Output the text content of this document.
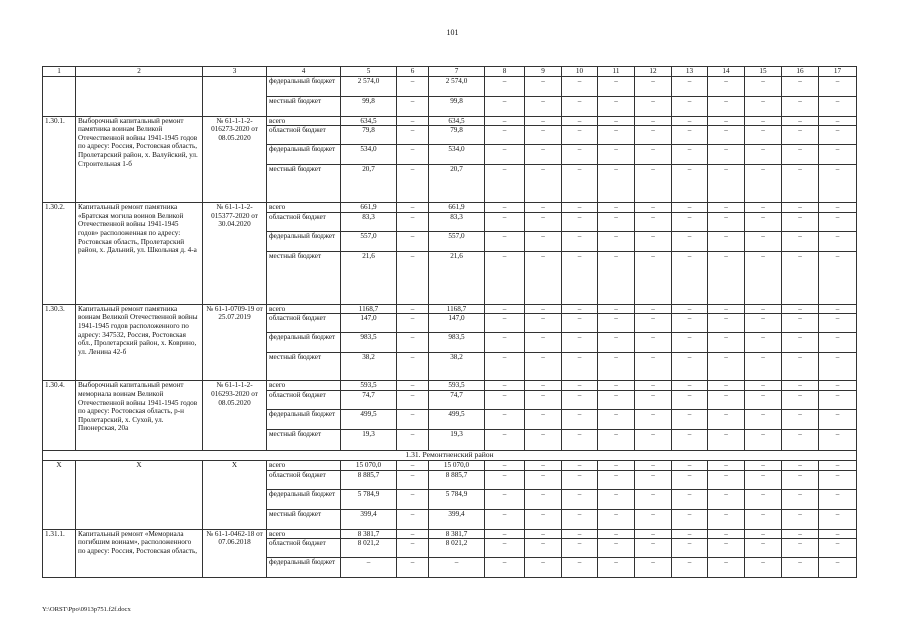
101
1	2	3	4	5	6	7	8	9	10	11	12	13	14	15	16	17
			федеральный бюджет	2 574,0	–	2 574,0	–	–	–	–	–	–	–	–	–	–
			местный бюджет	99,8	–	99,8	–	–	–	–	–	–	–	–	–	–
1.30.1.	Выборочный капитальный ремонт памятника воинам Великой Отечественной войны 1941-1945 годов по адресу: Россия, Ростовская область, Пролетарский район, х. Валуйский, ул. Строительная 1-б	№ 61-1-1-2-016273-2020 от 08.05.2020	всего	634,5	–	634,5	–	–	–	–	–	–	–	–	–	–
			областной бюджет	79,8	–	79,8	–	–	–	–	–	–	–	–	–	–
			федеральный бюджет	534,0	–	534,0	–	–	–	–	–	–	–	–	–	–
			местный бюджет	20,7	–	20,7	–	–	–	–	–	–	–	–	–	–
1.30.2.	Капитальный ремонт памятника «Братская могила воинов Великой Отечественной войны 1941-1945 годов» расположенная по адресу: Ростовская область, Пролетарский район, х. Дальний, ул. Школьная д. 4-а	№ 61-1-1-2-015377-2020 от 30.04.2020	всего	661,9	–	661,9	–	–	–	–	–	–	–	–	–	–
			областной бюджет	83,3	–	83,3	–	–	–	–	–	–	–	–	–	–
			федеральный бюджет	557,0	–	557,0	–	–	–	–	–	–	–	–	–	–
			местный бюджет	21,6	–	21,6	–	–	–	–	–	–	–	–	–	–
1.30.3.	Капитальный ремонт памятника воинам Великой Отечественной войны 1941-1945 годов расположенного по адресу: 347532, Россия, Ростовская обл., Пролетарский район, х. Коврино, ул. Ленина 42-б	№ 61-1-0709-19 от 25.07.2019	всего	1168,7	–	1168,7	–	–	–	–	–	–	–	–	–	–
			областной бюджет	147,0	–	147,0	–	–	–	–	–	–	–	–	–	–
			федеральный бюджет	983,5	–	983,5	–	–	–	–	–	–	–	–	–	–
			местный бюджет	38,2	–	38,2	–	–	–	–	–	–	–	–	–	–
1.30.4.	Выборочный капитальный ремонт мемориала воинам Великой Отечественной войны 1941-1945 годов по адресу: Ростовская область, р-н Пролетарский, х. Сухой, ул. Пионерская, 20а	№ 61-1-1-2-016293-2020 от 08.05.2020	всего	593,5	–	593,5	–	–	–	–	–	–	–	–	–	–
			областной бюджет	74,7	–	74,7	–	–	–	–	–	–	–	–	–	–
			федеральный бюджет	499,5	–	499,5	–	–	–	–	–	–	–	–	–	–
			местный бюджет	19,3	–	19,3	–	–	–	–	–	–	–	–	–	–
1.31. Ремонтненский район																
Х	Х	Х	всего	15 070,0	–	15 070,0	–	–	–	–	–	–	–	–	–	–
			областной бюджет	8 885,7	–	8 885,7	–	–	–	–	–	–	–	–	–	–
			федеральный бюджет	5 784,9	–	5 784,9	–	–	–	–	–	–	–	–	–	–
			местный бюджет	399,4	–	399,4	–	–	–	–	–	–	–	–	–	–
1.31.1.	Капитальный ремонт «Мемориала погибшим воинам», расположенного по адресу: Россия, Ростовская область,	№ 61-1-0462-18 от 07.06.2018	всего	8 381,7	–	8 381,7	–	–	–	–	–	–	–	–	–	–
			областной бюджет	8 021,2	–	8 021,2	–	–	–	–	–	–	–	–	–	–
			федеральный бюджет	–	–	–	–	–	–	–	–	–	–	–	–	–
Y:\ORST\Ppo\0913p751.f2f.docx
